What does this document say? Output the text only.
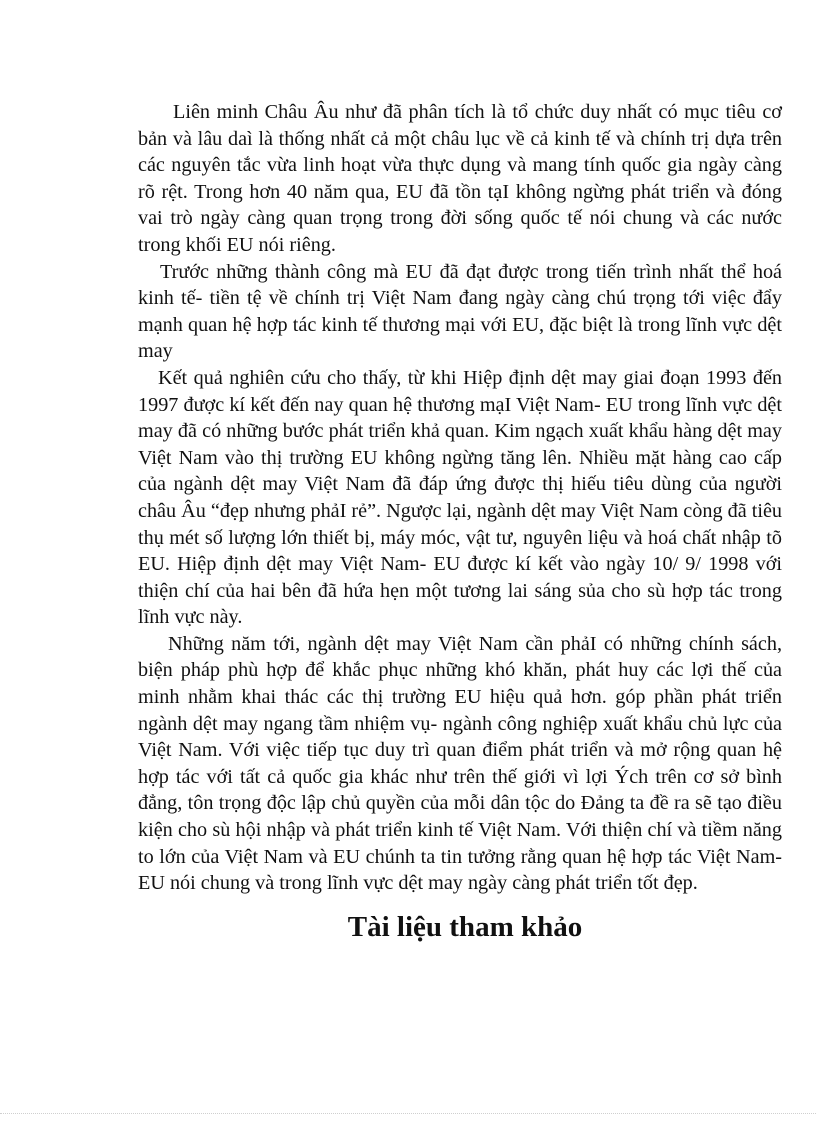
Liên minh Châu Âu như đã phân tích là tổ chức duy nhất có mục tiêu cơ bản và lâu daì là thống nhất cả một châu lục về cả kinh tế và chính trị dựa trên các nguyên tắc vừa linh hoạt vừa thực dụng và mang tính quốc gia ngày càng rõ rệt. Trong hơn 40 năm qua, EU đã tồn tạI không ngừng phát triển và đóng vai trò ngày càng quan trọng trong đời sống quốc tế nói chung và các nước trong khối EU nói riêng.

Trước những thành công mà EU đã đạt được trong tiến trình nhất thể hoá kinh tế- tiền tệ về chính trị Việt Nam đang ngày càng chú trọng tới việc đẩy mạnh quan hệ hợp tác kinh tế thương mại với EU, đặc biệt là trong lĩnh vực dệt may

Kết quả nghiên cứu cho thấy, từ khi Hiệp định dệt may giai đoạn 1993 đến 1997 được kí kết đến nay quan hệ thương mạI Việt Nam- EU trong lĩnh vực dệt may đã có những bước phát triển khả quan. Kim ngạch xuất khẩu hàng dệt may Việt Nam vào thị trường EU không ngừng tăng lên. Nhiều mặt hàng cao cấp của ngành dệt may Việt Nam đã đáp ứng được thị hiếu tiêu dùng của người châu Âu “đẹp nhưng phảI rẻ”. Ngược lại, ngành dệt may Việt Nam còng đã tiêu thụ mét số lượng lớn thiết bị, máy móc, vật tư, nguyên liệu và hoá chất nhập tõ EU. Hiệp định dệt may Việt Nam- EU được kí kết vào ngày 10/ 9/ 1998 với thiện chí của hai bên đã hứa hẹn một tương lai sáng sủa cho sù hợp tác trong lĩnh vực này.

Những năm tới, ngành dệt may Việt Nam cần phảI có những chính sách, biện pháp phù hợp để khắc phục những khó khăn, phát huy các lợi thế của minh nhằm khai thác các thị trường EU hiệu quả hơn. góp phần phát triển ngành dệt may ngang tầm nhiệm vụ- ngành công nghiệp xuất khẩu chủ lực của Việt Nam. Với việc tiếp tục duy trì quan điểm phát triển và mở rộng quan hệ hợp tác với tất cả quốc gia khác như trên thế giới vì lợi Ých trên cơ sở bình đẳng, tôn trọng độc lập chủ quyền của mỗi dân tộc do Đảng ta đề ra sẽ tạo điều kiện cho sù hội nhập và phát triển kinh tế Việt Nam. Với thiện chí và tiềm năng to lớn của Việt Nam và EU chúnh ta tin tưởng rằng quan hệ hợp tác Việt Nam- EU nói chung và trong lĩnh vực dệt may ngày càng phát triển tốt đẹp.

Tài liệu tham khảo
